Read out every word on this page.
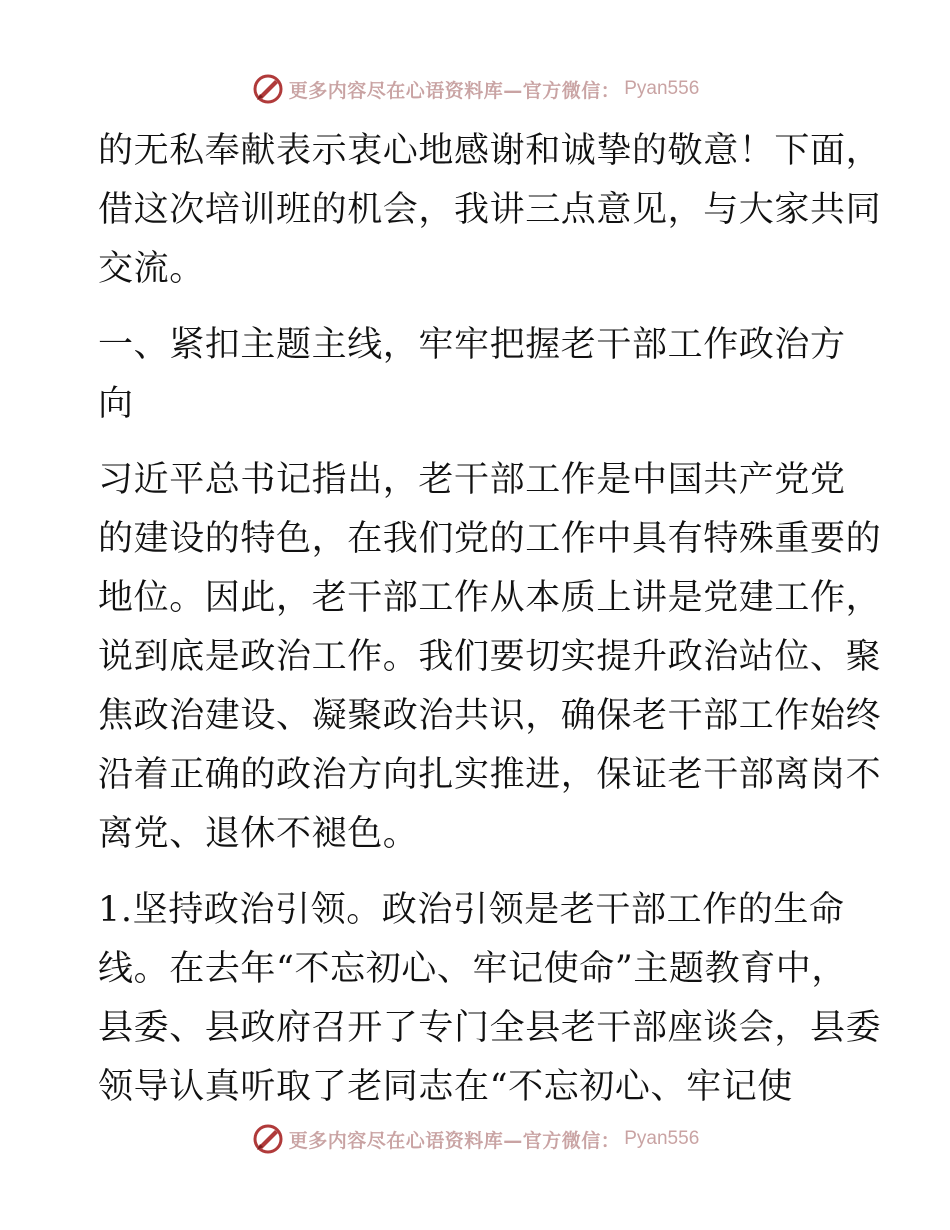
更多内容尽在心语资料库—官方微信： Pyan556

的无私奉献表示衷心地感谢和诚挚的敬意！下面，

借这次培训班的机会，我讲三点意见，与大家共同

交流。

一、紧扣主题主线，牢牢把握老干部工作政治方

向

习近平总书记指出，老干部工作是中国共产党党

的建设的特色，在我们党的工作中具有特殊重要的

地位。因此，老干部工作从本质上讲是党建工作，

说到底是政治工作。我们要切实提升政治站位、聚

焦政治建设、凝聚政治共识，确保老干部工作始终

沿着正确的政治方向扎实推进，保证老干部离岗不

离党、退休不褪色。

1.坚持政治引领。政治引领是老干部工作的生命

线。在去年“不忘初心、牢记使命”主题教育中，

县委、县政府召开了专门全县老干部座谈会，县委

领导认真听取了老同志在“不忘初心、牢记使

更多内容尽在心语资料库—官方微信： Pyan556
